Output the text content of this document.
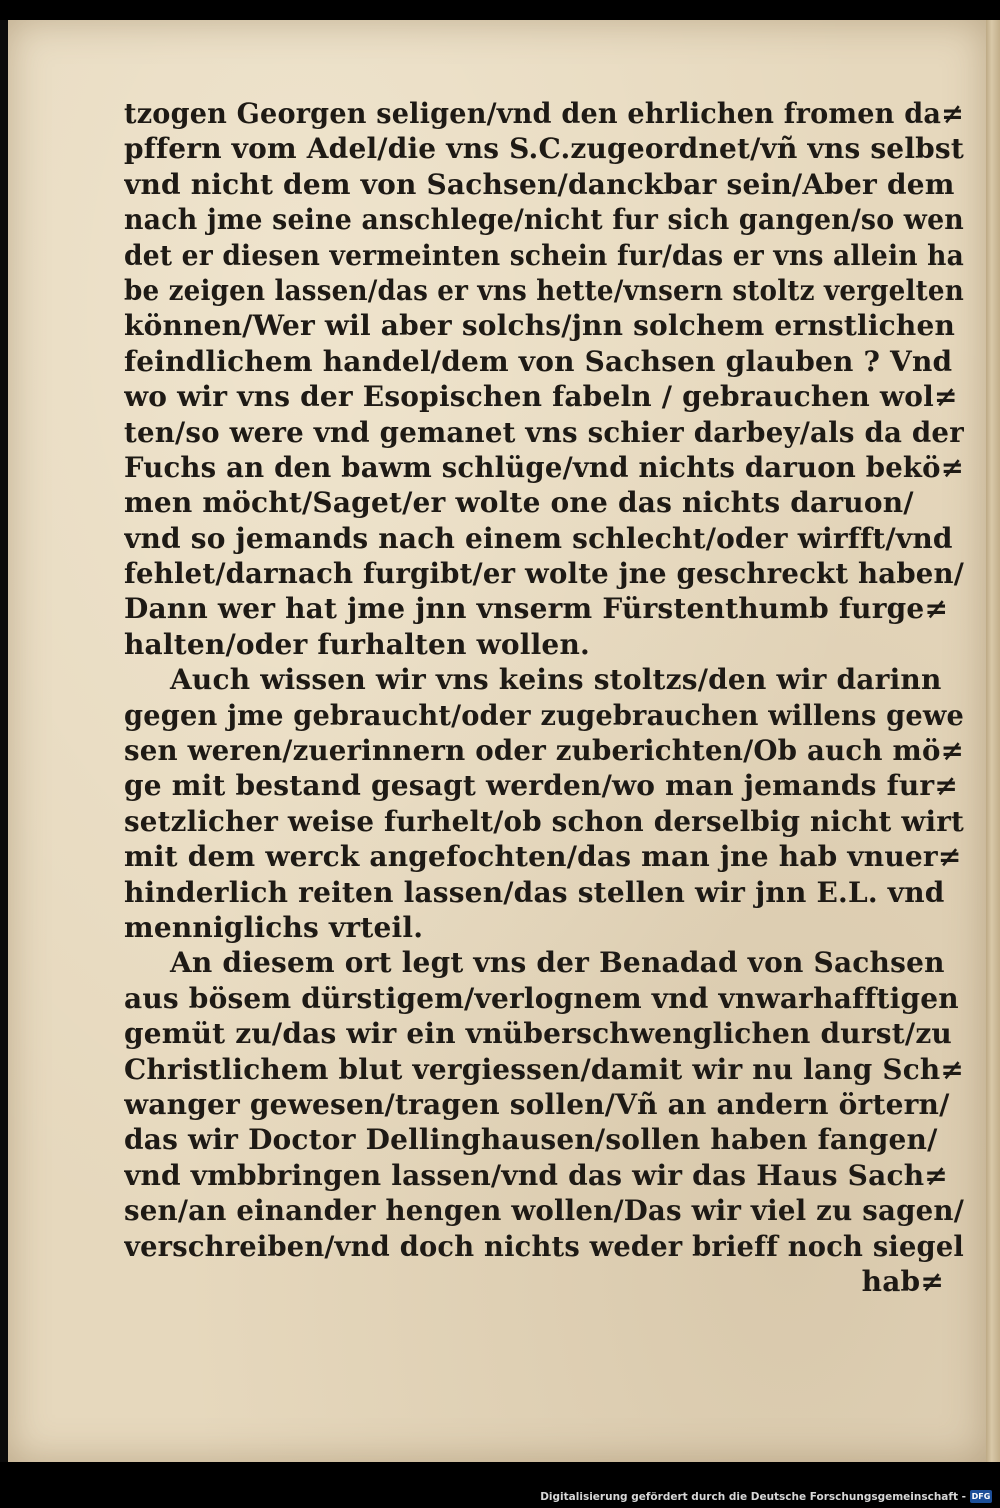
tzogen Georgen seligen/vnd den ehrlichen fromen da≠
pffern vom Adel/die vns S.C.zugeordnet/vñ vns selbst
vnd nicht dem von Sachsen/danckbar sein/Aber dem
nach jme seine anschlege/nicht fur sich gangen/so wen
det er diesen vermeinten schein fur/das er vns allein ha
be zeigen lassen/das er vns hette/vnsern stoltz vergelten
können/Wer wil aber solchs/jnn solchem ernstlichen
feindlichem handel/dem von Sachsen glauben ? Vnd
wo wir vns der Esopischen fabeln / gebrauchen wol≠
ten/so were vnd gemanet vns schier darbey/als da der
Fuchs an den bawm schlüge/vnd nichts daruon bekö≠
men möcht/Saget/er wolte one das nichts daruon/
vnd so jemands nach einem schlecht/oder wirfft/vnd
fehlet/darnach furgibt/er wolte jne geschreckt haben/
Dann wer hat jme jnn vnserm Fürstenthumb furge≠
halten/oder furhalten wollen.
Auch wissen wir vns keins stoltzs/den wir darinn
gegen jme gebraucht/oder zugebrauchen willens gewe
sen weren/zuerinnern oder zuberichten/Ob auch mö≠
ge mit bestand gesagt werden/wo man jemands fur≠
setzlicher weise furhelt/ob schon derselbig nicht wirt
mit dem werck angefochten/das man jne hab vnuer≠
hinderlich reiten lassen/das stellen wir jnn E.L. vnd
menniglichs vrteil.
An diesem ort legt vns der Benadad von Sachsen
aus bösem dürstigem/verlognem vnd vnwarhafftigen
gemüt zu/das wir ein vnüberschwenglichen durst/zu
Christlichem blut vergiessen/damit wir nu lang Sch≠
wanger gewesen/tragen sollen/Vñ an andern örtern/
das wir Doctor Dellinghausen/sollen haben fangen/
vnd vmbbringen lassen/vnd das wir das Haus Sach≠
sen/an einander hengen wollen/Das wir viel zu sagen/
verschreiben/vnd doch nichts weder brieff noch siegel
hab≠
Digitalisierung gefördert durch die Deutsche Forschungsgemeinschaft - DFG
